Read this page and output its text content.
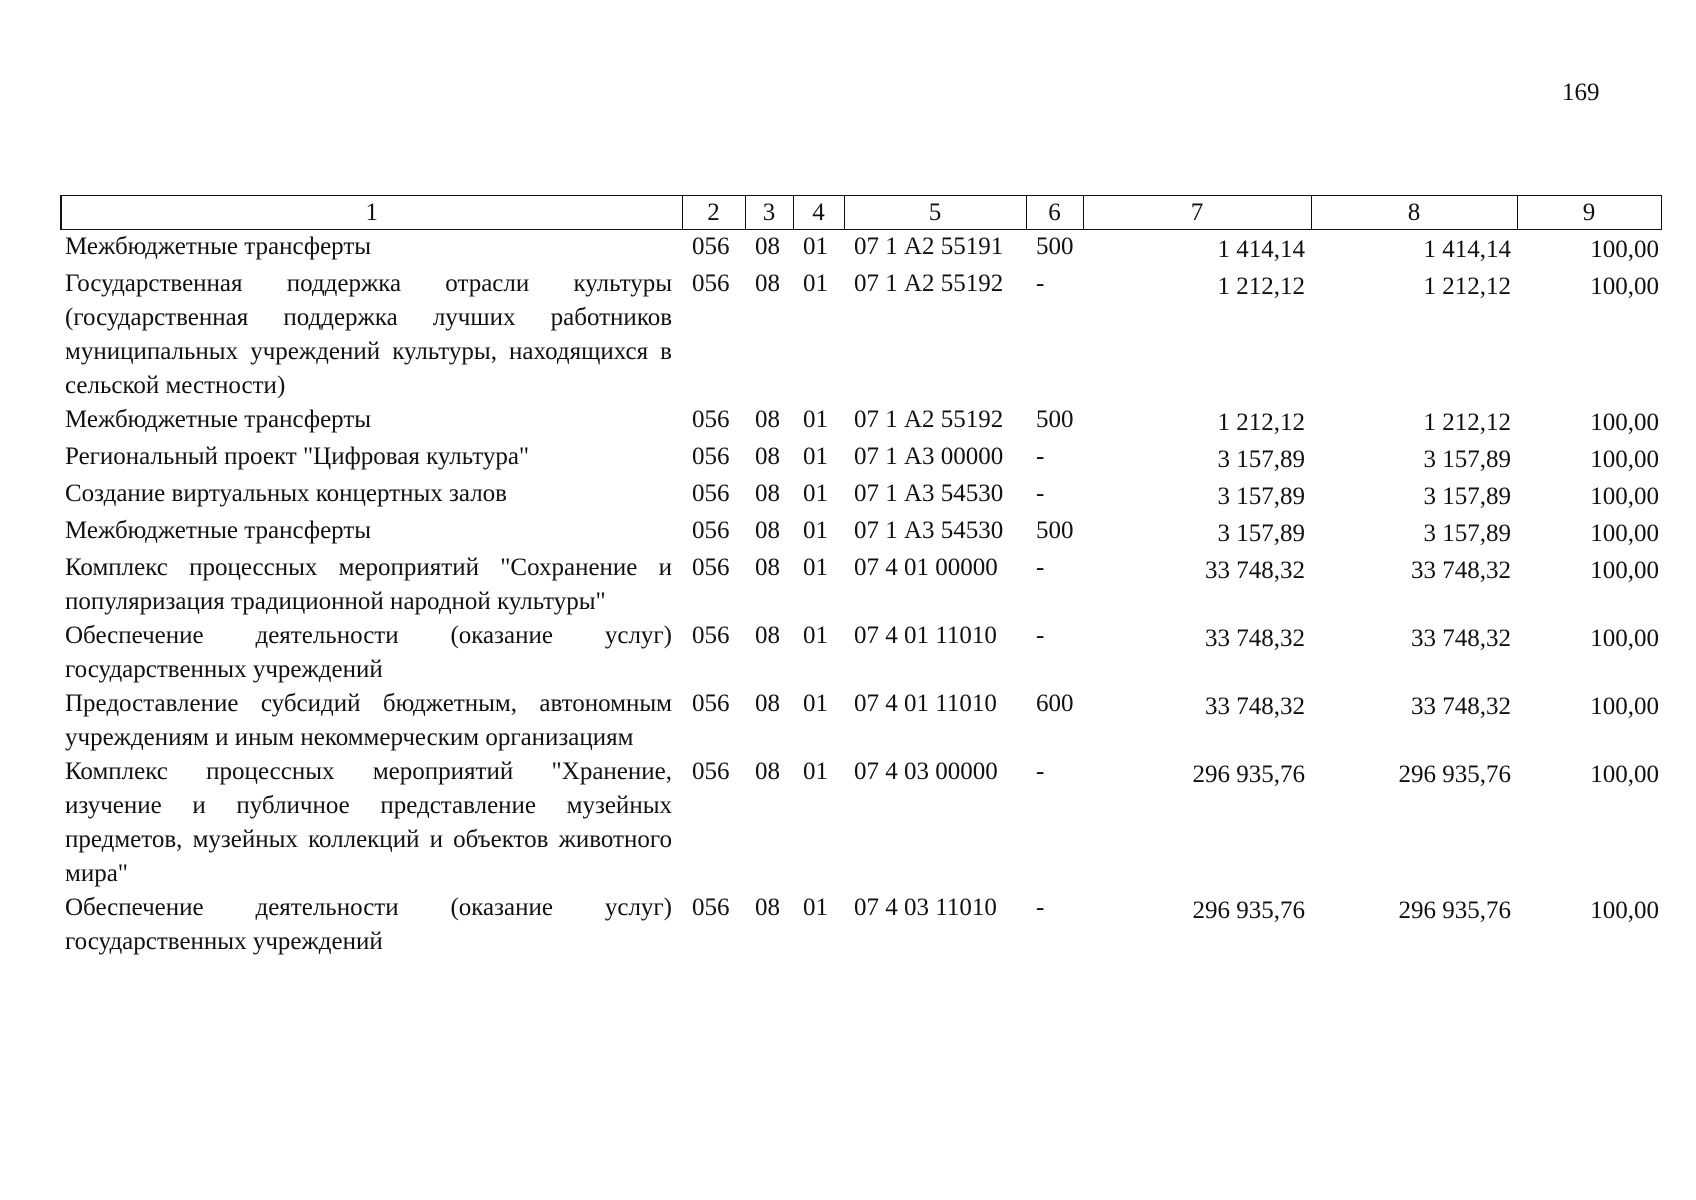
169
1	2	3	4	5	6	7	8	9
Межбюджетные трансферты	056	08	01	07 1 А2 55191	500	1 414,14	1 414,14	100,00
Государственная поддержка отрасли культуры (государственная поддержка лучших работников муниципальных учреждений культуры, находящихся в сельской местности)	056	08	01	07 1 А2 55192	-	1 212,12	1 212,12	100,00
Межбюджетные трансферты	056	08	01	07 1 А2 55192	500	1 212,12	1 212,12	100,00
Региональный проект "Цифровая культура"	056	08	01	07 1 А3 00000	-	3 157,89	3 157,89	100,00
Создание виртуальных концертных залов	056	08	01	07 1 А3 54530	-	3 157,89	3 157,89	100,00
Межбюджетные трансферты	056	08	01	07 1 А3 54530	500	3 157,89	3 157,89	100,00
Комплекс процессных мероприятий "Сохранение и популяризация традиционной народной культуры"	056	08	01	07 4 01 00000	-	33 748,32	33 748,32	100,00
Обеспечение деятельности (оказание услуг) государственных учреждений	056	08	01	07 4 01 11010	-	33 748,32	33 748,32	100,00
Предоставление субсидий бюджетным, автономным учреждениям и иным некоммерческим организациям	056	08	01	07 4 01 11010	600	33 748,32	33 748,32	100,00
Комплекс процессных мероприятий "Хранение, изучение и публичное представление музейных предметов, музейных коллекций и объектов животного мира"	056	08	01	07 4 03 00000	-	296 935,76	296 935,76	100,00
Обеспечение деятельности (оказание услуг) государственных учреждений	056	08	01	07 4 03 11010	-	296 935,76	296 935,76	100,00
